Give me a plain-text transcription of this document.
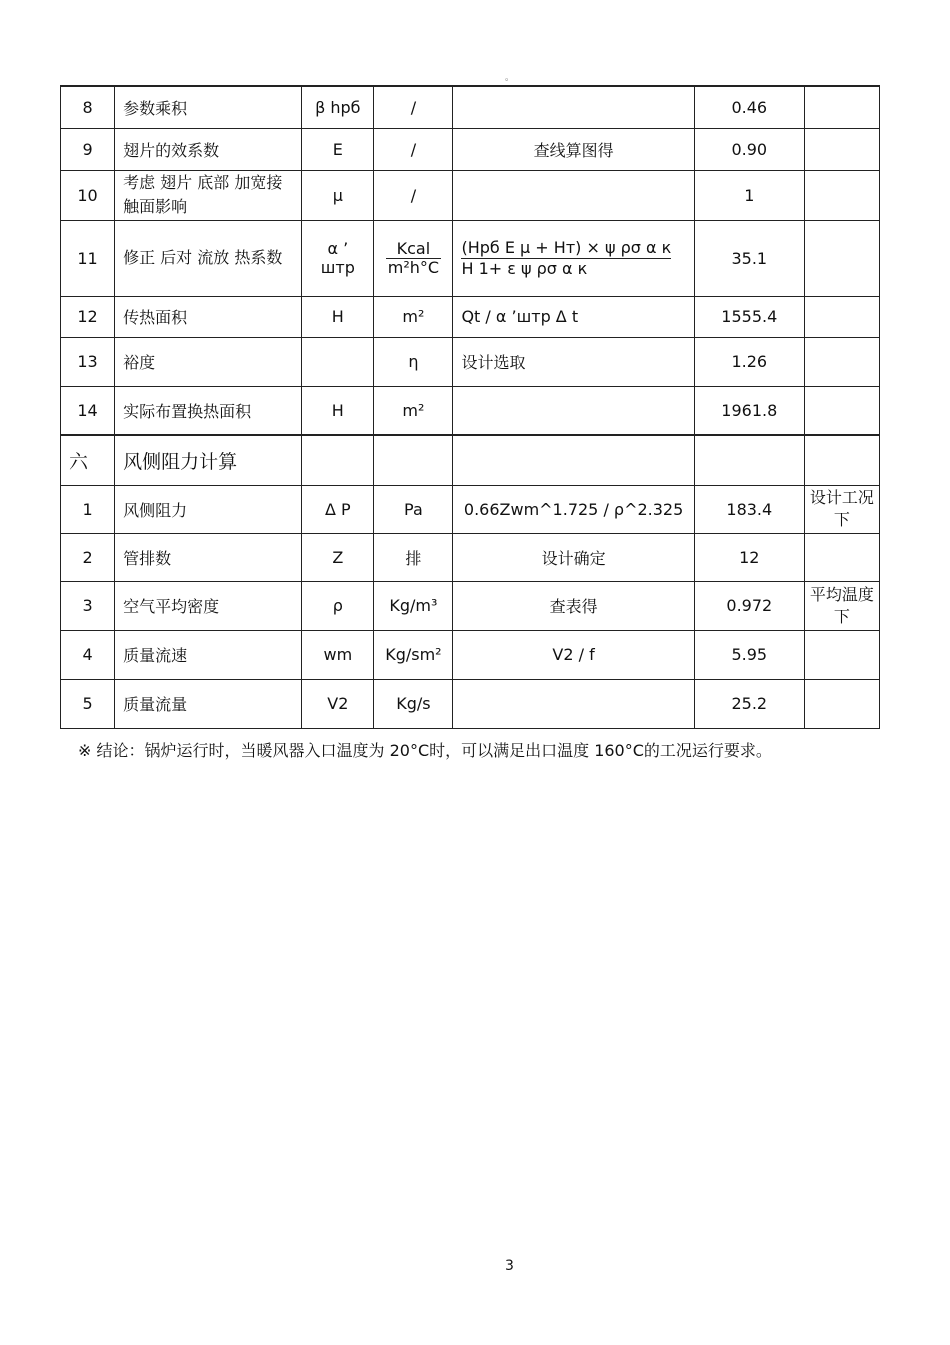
。
8	参数乘积	β hрб	/		0.46	
9	翅片的效系数	E	/	查线算图得	0.90	
10	考虑 翅片 底部 加宽接触面影响	μ	/		1	
11	修正 后对 流放 热系数	α ’ штр	$\frac{\text{Kcal}}{\text{m²h°C}}$	(Hрб E μ + Hт) × ψ ρσ α к
H 1+ ε ψ ρσ α к	35.1	
12	传热面积	H	m²	Qt / α ’штр Δ t	1555.4	
13	裕度		η	设计选取	1.26	
14	实际布置换热面积	H	m²		1961.8	
六	风侧阻力计算					
1	风侧阻力	Δ P	Pa	0.66Zwm^1.725 / ρ^2.325	183.4	设计工况下
2	管排数	Z	排	设计确定	12	
3	空气平均密度	ρ	Kg/m³	查表得	0.972	平均温度下
4	质量流速	wm	Kg/sm²	V2 / f	5.95	
5	质量流量	V2	Kg/s		25.2	
※ 结论：锅炉运行时，当暖风器入口温度为 20°C时，可以满足出口温度 160°C的工况运行要求。
3
